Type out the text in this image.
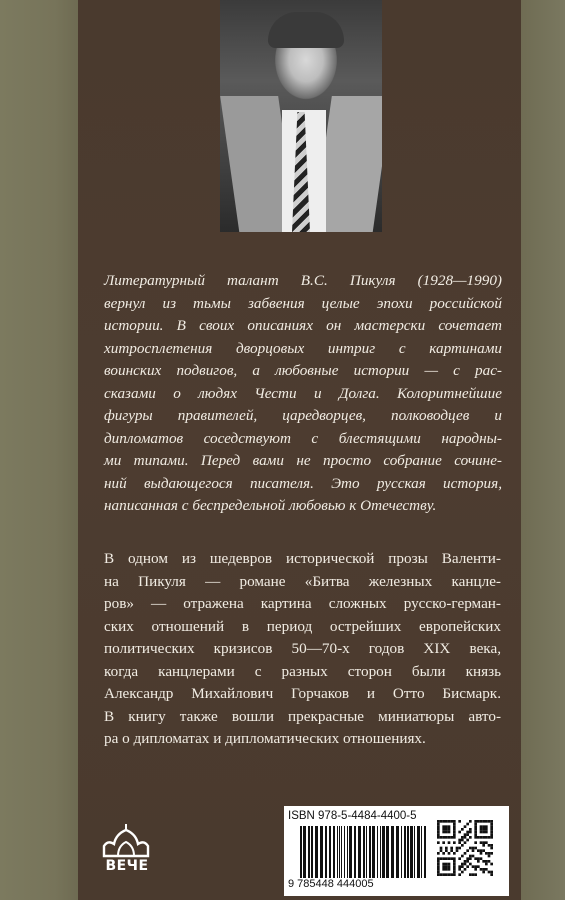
Литературный талант В.С. Пикуля (1928—1990)
вернул из тьмы забвения целые эпохи российской
истории. В своих описаниях он мастерски сочетает
хитросплетения дворцовых интриг с картинами
воинских подвигов, а любовные истории — с рас-
сказами о людях Чести и Долга. Колоритнейшие
фигуры правителей, царедворцев, полководцев и
дипломатов соседствуют с блестящими народны-
ми типами. Перед вами не просто собрание сочине-
ний выдающегося писателя. Это русская история,
написанная с беспредельной любовью к Отечеству.
В одном из шедевров исторической прозы Валенти-
на Пикуля — романе «Битва железных канцле-
ров» — отражена картина сложных русско-герман-
ских отношений в период острейших европейских
политических кризисов 50—70-х годов XIX века,
когда канцлерами с разных сторон были князь
Александр Михайлович Горчаков и Отто Бисмарк.
В книгу также вошли прекрасные миниатюры авто-
ра о дипломатах и дипломатических отношениях.
ВЕЧЕ
ISBN 978-5-4484-4400-5
9 785448 444005
